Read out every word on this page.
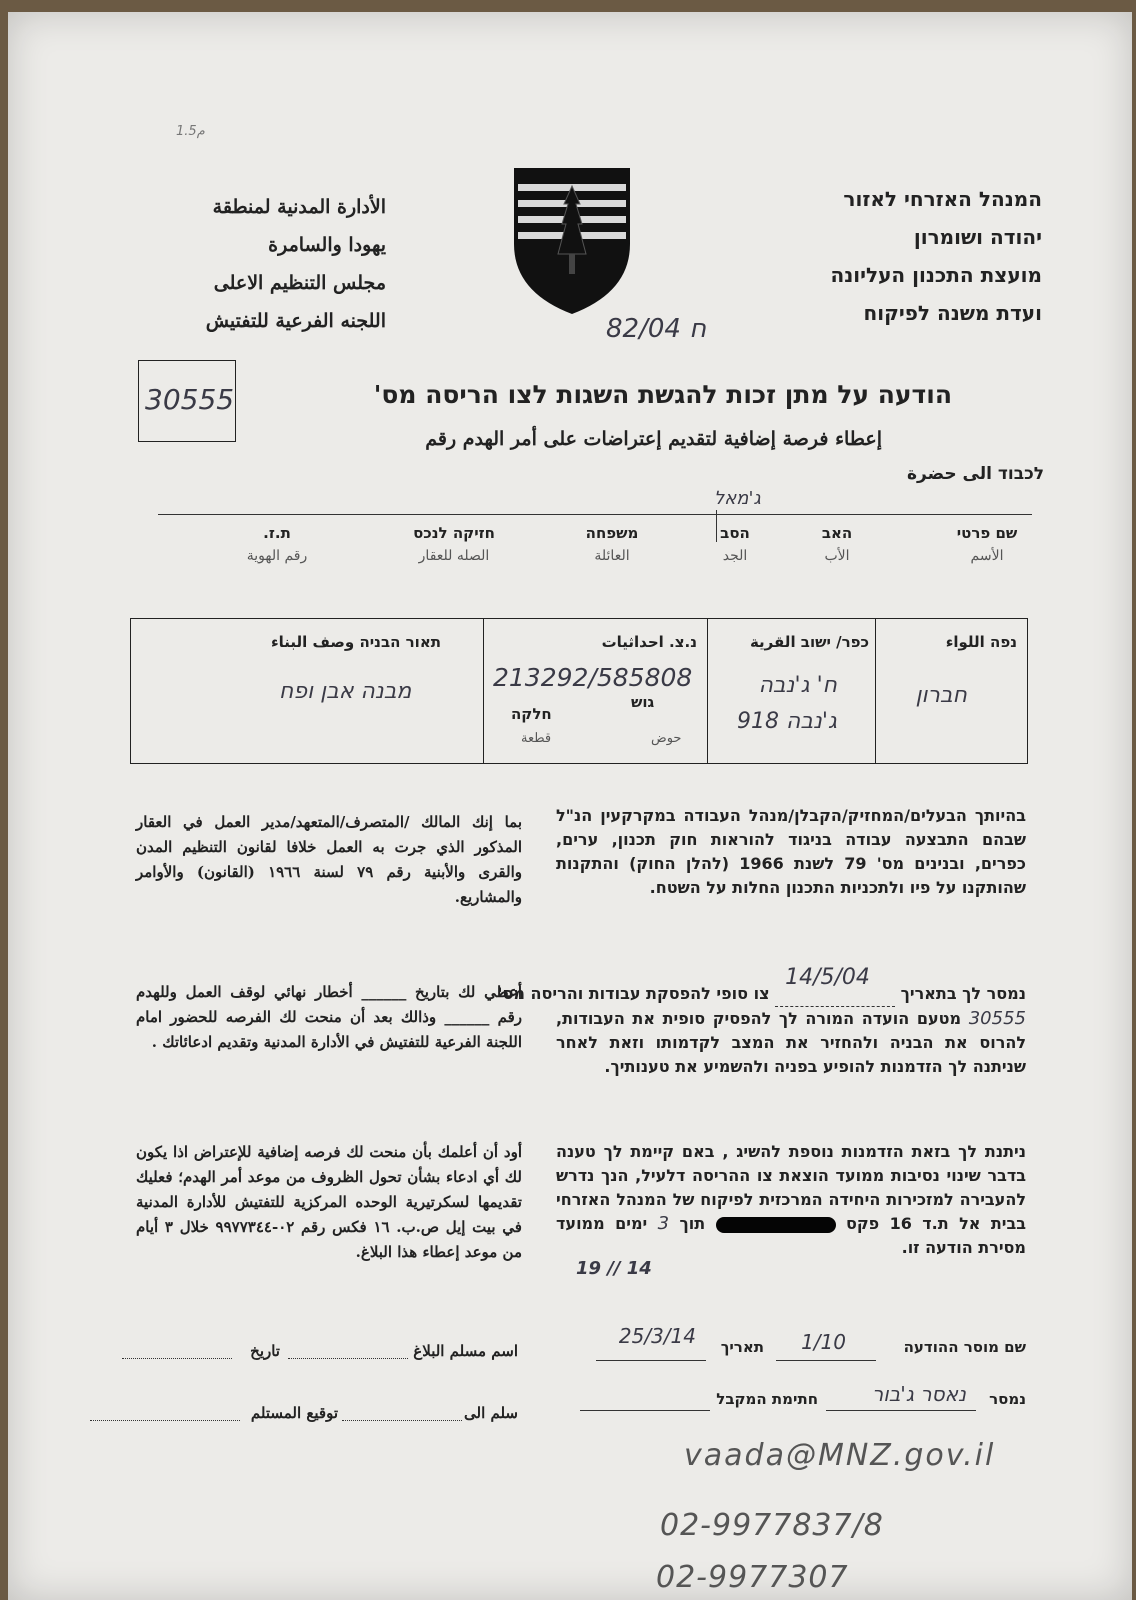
1.5م
המנהל האזרחי לאזור
יהודה ושומרון
מועצת התכנון העליונה
ועדת משנה לפיקוח
الأدارة المدنية لمنطقة
يهودا والسامرة
مجلس التنظيم الاعلى
اللجنه الفرعية للتفتيش	ח 82/04
30555	הודעה על מתן זכות להגשת השגות לצו הריסה מס'
إعطاء فرصة إضافية لتقديم إعتراضات على أمر الهدم رقم
לכבוד الى حضرة
ג'מאל
שם פרטי
الأسم
האב
الأب
הסב
الجد
משפחה
العائلة
חזיקה לנכס
الصله للعقار
ת.ז.
رقم الهوية
נפה اللواء
חברון
כפר/ ישוב القرية
ח' ג'נבה
918 ג'נבה
נ.צ. احداثيات
213292/585808
גוש
חלקה
حوض
قطعة
תאור הבניה وصف البناء
מבנה אבן ופח
בהיותך הבעלים/המחזיק/הקבלן/מנהל העבודה במקרקעין הנ"ל שבהם התבצעה עבודה בניגוד להוראות חוק תכנון, ערים, כפרים, ובנינים מס' 79 לשנת 1966 (להלן החוק) והתקנות שהותקנו על פיו ולתכניות התכנון החלות על השטח.
بما إنك المالك /المتصرف/المتعهد/مدير العمل في العقار المذكور الذي جرت به العمل خلافا لقانون التنظيم المدن والقرى والأبنية رقم ٧٩ لسنة ١٩٦٦ (القانون) والأوامر والمشاريع.
נמסר לך בתאריך
14/5/04
צו סופי להפסקת עבודות והריסה מס'
30555 מטעם הועדה המורה לך להפסיק סופית את העבודות, להרוס את הבניה ולהחזיר את המצב לקדמותו וזאת לאחר שניתנה לך הזדמנות להופיע בפניה ולהשמיע את טענותיך.
أعطي لك بتاريخ ______ أخطار نهائي لوقف العمل وللهدم رقم ______ وذالك بعد أن منحت لك الفرصه للحضور امام اللجنة الفرعية للتفتيش في الأدارة المدنية وتقديم ادعائاتك .
ניתנת לך בזאת הזדמנות נוספת להשיג , באם קיימת לך טענה בדבר שינוי נסיבות ממועד הוצאת צו ההריסה דלעיל, הנך נדרש להעבירה למזכירות היחידה המרכזית לפיקוח של המנהל האזרחי בבית אל ת.ד 16 פקס  תוך 3 ימים ממועד מסירת הודעה זו.
19 // 14
أود أن أعلمك بأن منحت لك فرصه إضافية للإعتراض اذا يكون لك أي ادعاء بشأن تحول الظروف من موعد أمر الهدم؛ فعليك تقديمها لسكرتيرية الوحده المركزية للتفتيش للأدارة المدنية في بيت إيل ص.ب. ١٦ فكس رقم ٠٢-٩٩٧٧٣٤٤ خلال ٣ أيام من موعد إعطاء هذا البلاغ.
שם מוסר ההודעה
1/10
תאריך
25/3/14
נמסר
נאסר ג'בור
חתימת המקבל
اسم مسلم البلاغ
تاريخ
سلم الى
توقيع المستلم
vaada@MNZ.gov.il
02-9977837/8
02-9977307
